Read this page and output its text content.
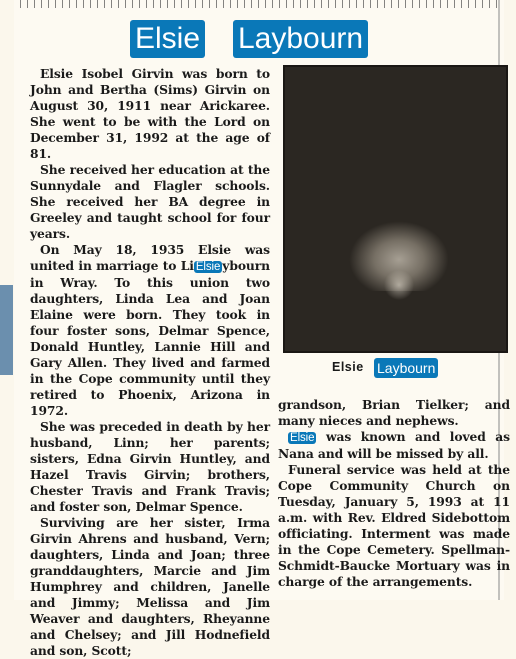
Elsie Laybourn

Elsie Isobel Girvin was born to John and Bertha (Sims) Girvin on August 30, 1911 near Arickaree. She went to be with the Lord on December 31, 1992 at the age of 81.

She received her education at the Sunnydale and Flagler schools. She received her BA degree in Greeley and taught school for four years.

On May 18, 1935 Elsie was united in marriage to Li Elsie ybourn in Wray. To this union two daughters, Linda Lea and Joan Elaine were born. They took in four foster sons, Delmar Spence, Donald Huntley, Lannie Hill and Gary Allen. They lived and farmed in the Cope community until they retired to Phoenix, Arizona in 1972.

She was preceded in death by her husband, Linn; her parents; sisters, Edna Girvin Huntley, and Hazel Travis Girvin; brothers, Chester Travis and Frank Travis; and foster son, Delmar Spence.

Surviving are her sister, Irma Girvin Ahrens and husband, Vern; daughters, Linda and Joan; three granddaughters, Marcie and Jim Humphrey and children, Janelle and Jimmy; Melissa and Jim Weaver and daughters, Rheyanne and Chelsey; and Jill Hodnefield and son, Scott;

Elsie Laybourn

grandson, Brian Tielker; and many nieces and nephews.

Elsie was known and loved as Nana and will be missed by all.

Funeral service was held at the Cope Community Church on Tuesday, January 5, 1993 at 11 a.m. with Rev. Eldred Sidebottom officiating. Interment was made in the Cope Cemetery. Spellman-Schmidt-Baucke Mortuary was in charge of the arrangements.
